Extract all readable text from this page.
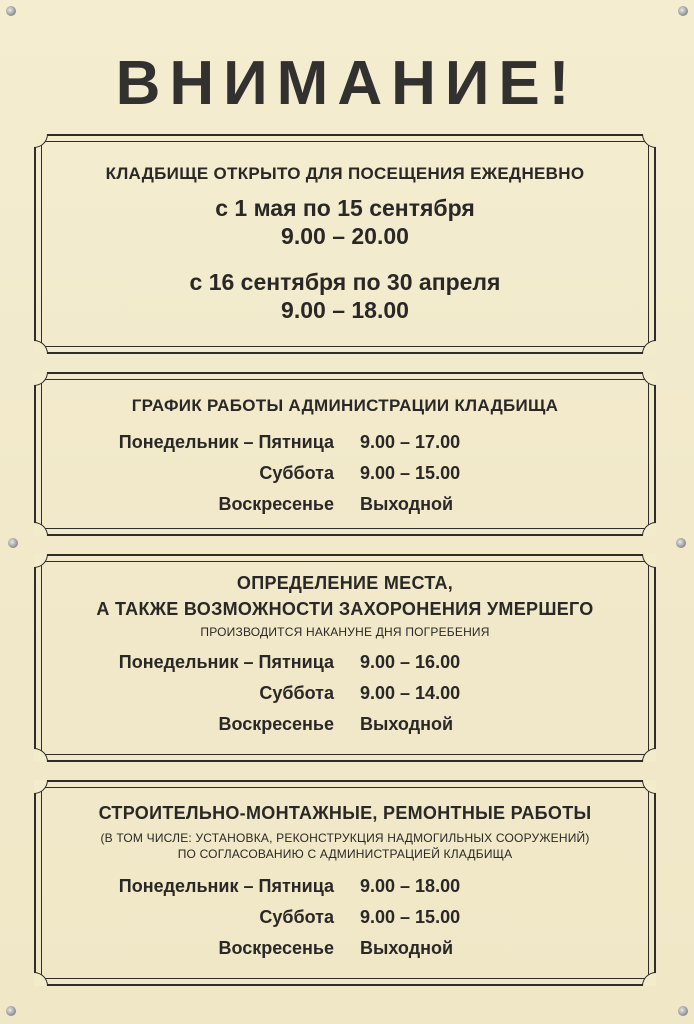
ВНИМАНИЕ!
КЛАДБИЩЕ ОТКРЫТО ДЛЯ ПОСЕЩЕНИЯ ЕЖЕДНЕВНО
с 1 мая по 15 сентября
9.00 – 20.00
с 16 сентября по 30 апреля
9.00 – 18.00
ГРАФИК РАБОТЫ АДМИНИСТРАЦИИ КЛАДБИЩА
Понедельник – Пятница 9.00 – 17.00
Суббота 9.00 – 15.00
Воскресенье Выходной
ОПРЕДЕЛЕНИЕ МЕСТА,
А ТАКЖЕ ВОЗМОЖНОСТИ ЗАХОРОНЕНИЯ УМЕРШЕГО
ПРОИЗВОДИТСЯ НАКАНУНЕ ДНЯ ПОГРЕБЕНИЯ
Понедельник – Пятница 9.00 – 16.00
Суббота 9.00 – 14.00
Воскресенье Выходной
СТРОИТЕЛЬНО-МОНТАЖНЫЕ, РЕМОНТНЫЕ РАБОТЫ
(В ТОМ ЧИСЛЕ: УСТАНОВКА, РЕКОНСТРУКЦИЯ НАДМОГИЛЬНЫХ СООРУЖЕНИЙ)
ПО СОГЛАСОВАНИЮ С АДМИНИСТРАЦИЕЙ КЛАДБИЩА
Понедельник – Пятница 9.00 – 18.00
Суббота 9.00 – 15.00
Воскресенье Выходной
